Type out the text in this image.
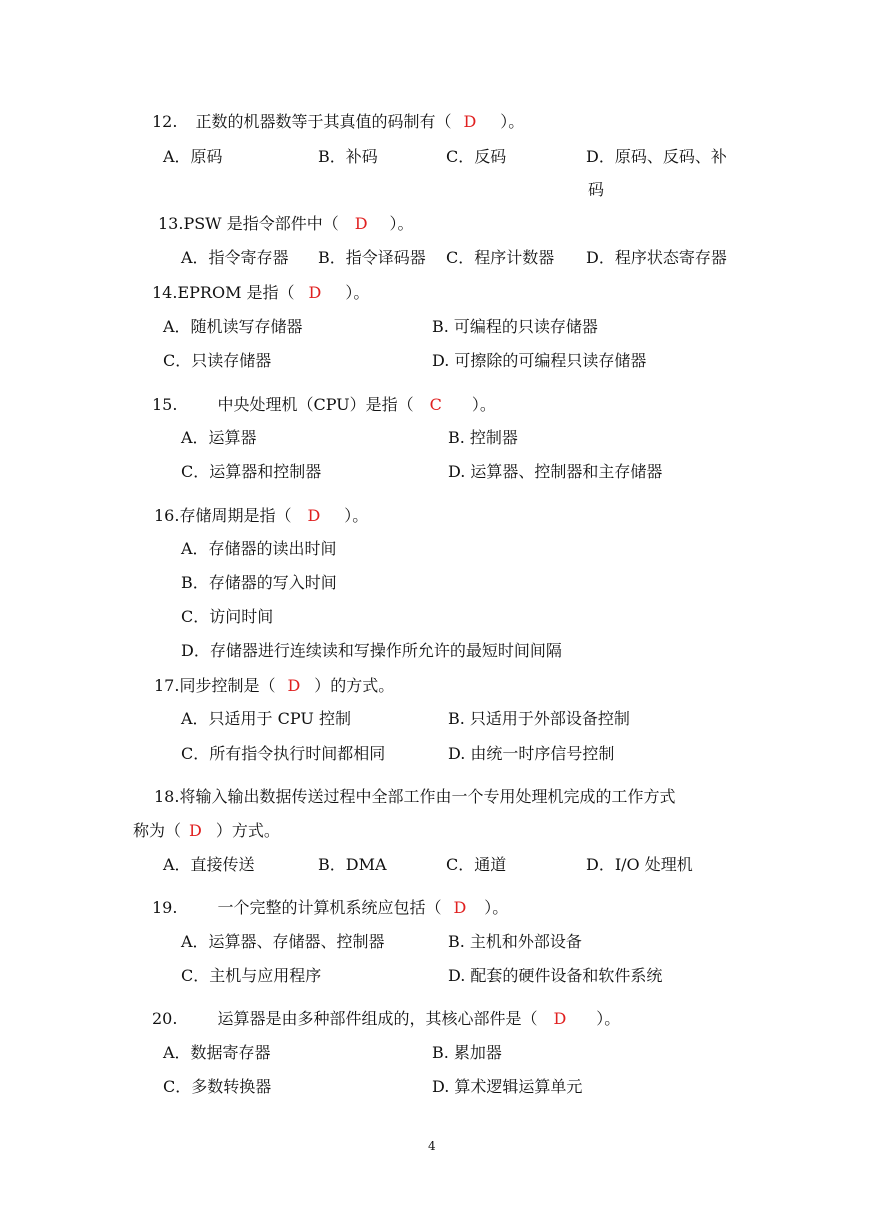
12. 正数的机器数等于其真值的码制有（ D ）。
A．原码	B．补码	C．反码	D．原码、反码、补
码
13.PSW 是指令部件中（ D ）。
A．指令寄存器 B．指令译码器 C．程序计数器 D．程序状态寄存器
14.EPROM 是指（ D ）。
A．随机读写存储器	B. 可编程的只读存储器
C．只读存储器	D. 可擦除的可编程只读存储器
15.	中央处理机（CPU）是指（ C ）。
A．运算器	B. 控制器
C．运算器和控制器	D. 运算器、控制器和主存储器
16.存储周期是指（ D ）。
A．存储器的读出时间
B．存储器的写入时间
C．访问时间
D．存储器进行连续读和写操作所允许的最短时间间隔
17.同步控制是（ D ）的方式。
A．只适用于 CPU 控制	B. 只适用于外部设备控制
C．所有指令执行时间都相同	D. 由统一时序信号控制
18.将输入输出数据传送过程中全部工作由一个专用处理机完成的工作方式
称为（ D ）方式。
A．直接传送	B．DMA	C．通道	D．I/O 处理机
19.	一个完整的计算机系统应包括（ D ）。
A．运算器、存储器、控制器	B. 主机和外部设备
C．主机与应用程序	D. 配套的硬件设备和软件系统
20.	运算器是由多种部件组成的，其核心部件是（ D ）。
A．数据寄存器	B. 累加器
C．多数转换器	D. 算术逻辑运算单元
4
